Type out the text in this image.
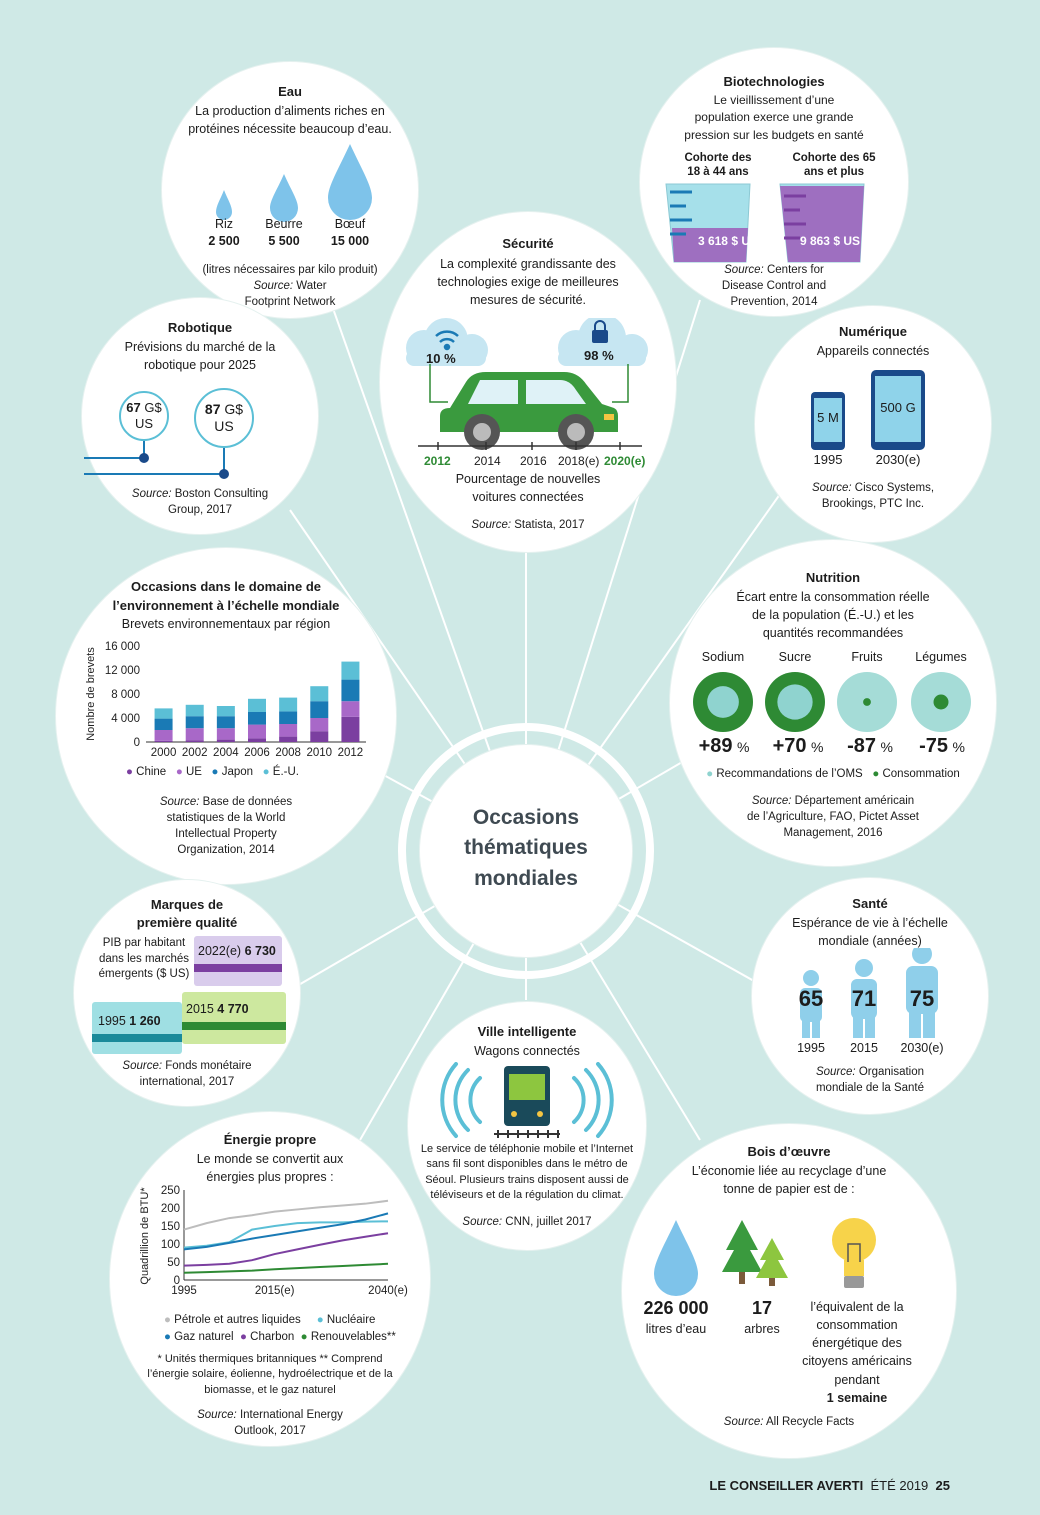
Occasions
thématiques
mondiales
Eau
La production d’aliments riches en
protéines nécessite beaucoup d’eau.
Riz
2 500
Beurre
5 500
Bœuf
15 000
(litres nécessaires par kilo produit)
Source: Water
Footprint Network
Biotechnologies
Le vieillissement d’une
population exerce une grande
pression sur les budgets en santé
Cohorte des
18 à 44 ans
Cohorte des 65
ans et plus
3 618 $ US	9 863 $ US
Source: Centers for
Disease Control and
Prevention, 2014
Sécurité
La complexité grandissante des
technologies exige de meilleures
mesures de sécurité.
10 %	98 %
2012 2014 2016 2018(e) 2020(e)
Pourcentage de nouvelles
voitures connectées
Source: Statista, 2017
Robotique
Prévisions du marché de la
robotique pour 2025
67 G$
US
87 G$
US
Source: Boston Consulting
Group, 2017
Numérique
Appareils connectés
5 M
500 G
1995	2030(e)
Source: Cisco Systems,
Brookings, PTC Inc.
Occasions dans le domaine de
l’environnement à l’échelle mondiale
Brevets environnementaux par région
16 000
12 000
8 000
4 000
0
Nombre de brevets
2000 2002 2004 2006 2008 2010 2012
● Chine ● UE ● Japon ● É.-U.
Source: Base de données
statistiques de la World
Intellectual Property
Organization, 2014
Nutrition
Écart entre la consommation réelle
de la population (É.-U.) et les
quantités recommandées
Sodium	Sucre	Fruits	Légumes
+89 %	+70 %	-87 %	-75 %
● Recommandations de l’OMS ● Consommation
Source: Département américain
de l’Agriculture, FAO, Pictet Asset
Management, 2016
Marques de
première qualité
PIB par habitant
dans les marchés
émergents ($ US)
2022(e) 6 730
2015 4 770
1995 1 260
Source: Fonds monétaire
international, 2017
Santé
Espérance de vie à l’échelle
mondiale (années)
65	71	75
1995	2015	2030(e)
Source: Organisation
mondiale de la Santé
Ville intelligente
Wagons connectés
Le service de téléphonie mobile et l’Internet
sans fil sont disponibles dans le métro de
Séoul. Plusieurs trains disposent aussi de
téléviseurs et de la régulation du climat.
Source: CNN, juillet 2017
Énergie propre
Le monde se convertit aux
énergies plus propres :
250
200
150
100
50
0
Quadrillion de BTU*
1995	2015(e)	2040(e)
● Pétrole et autres liquides ● Nucléaire
● Gaz naturel ● Charbon ● Renouvelables**
* Unités thermiques britanniques ** Comprend
l’énergie solaire, éolienne, hydroélectrique et de la
biomasse, et le gaz naturel
Source: International Energy
Outlook, 2017
Bois d’œuvre
L’économie liée au recyclage d’une
tonne de papier est de :
226 000
litres d’eau
17
arbres
l’équivalent de la
consommation
énergétique des
citoyens américains
pendant
1 semaine
Source: All Recycle Facts
LE CONSEILLER AVERTI ÉTÉ 2019 25
